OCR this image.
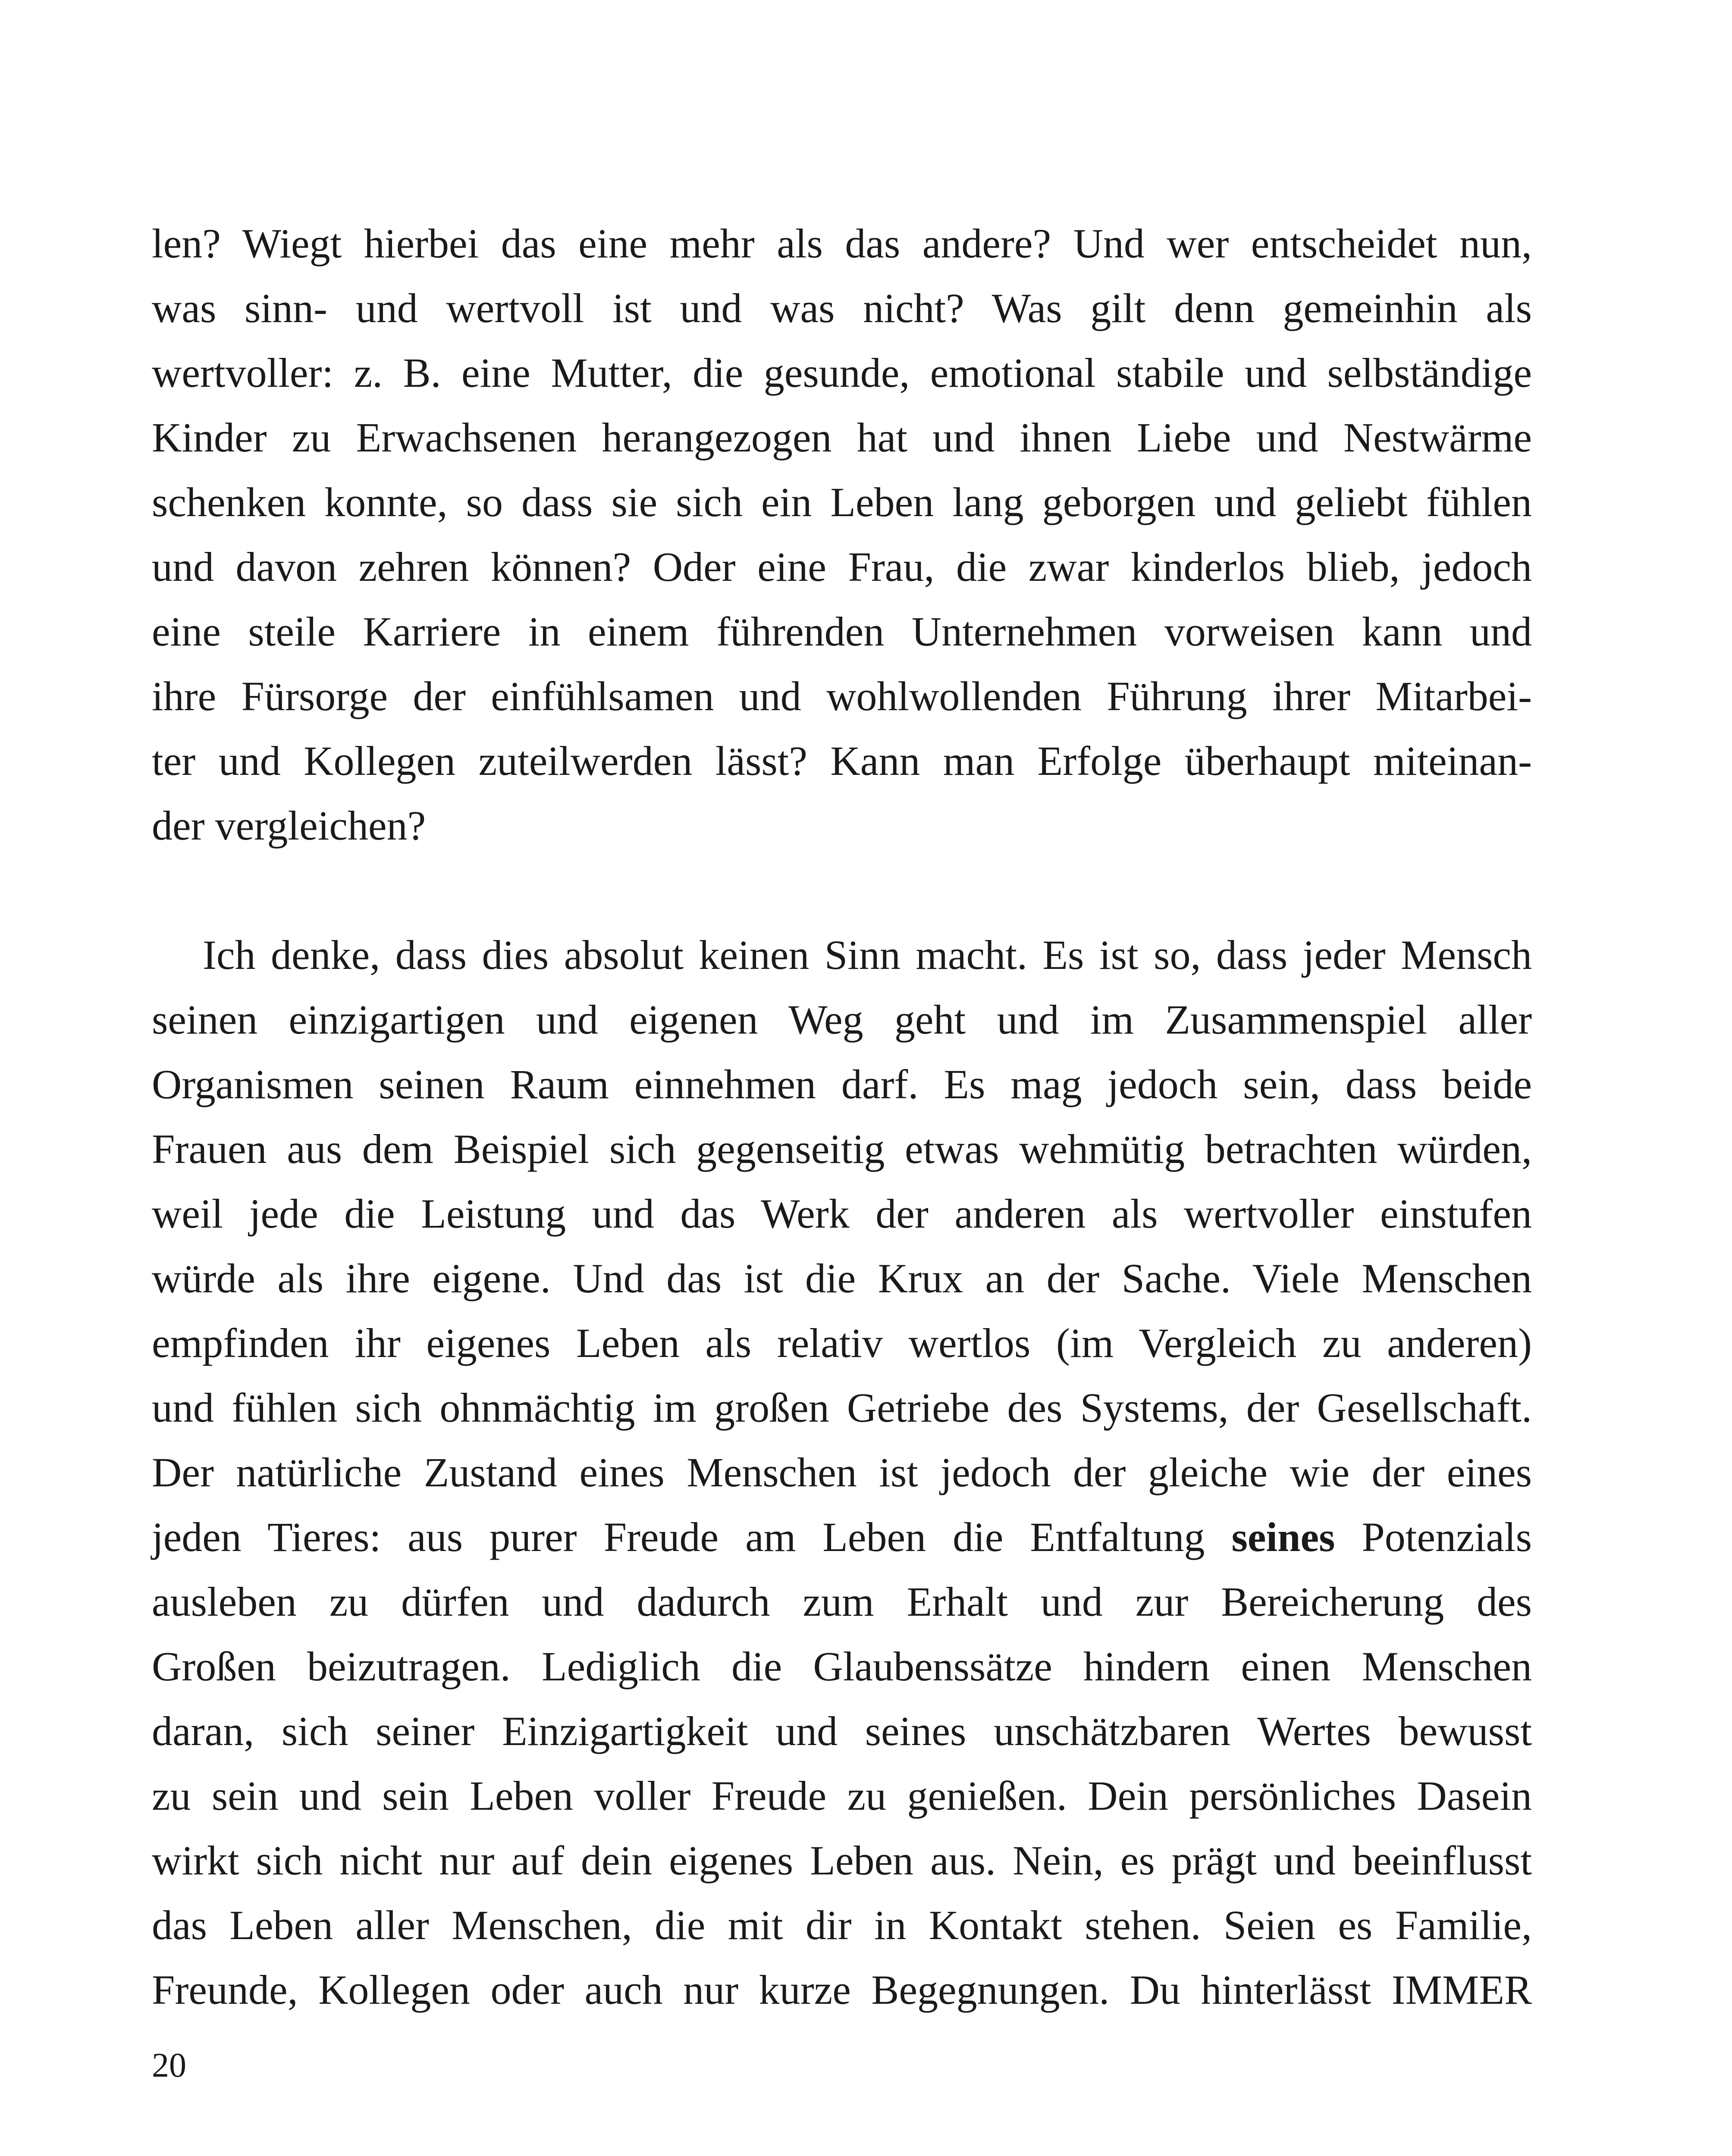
len? Wiegt hierbei das eine mehr als das andere? Und wer entscheidet nun,

was sinn- und wertvoll ist und was nicht? Was gilt denn gemeinhin als

wertvoller: z. B. eine Mutter, die gesunde, emotional stabile und selbständige

Kinder zu Erwachsenen herangezogen hat und ihnen Liebe und Nestwärme

schenken konnte, so dass sie sich ein Leben lang geborgen und geliebt fühlen

und davon zehren können? Oder eine Frau, die zwar kinderlos blieb, jedoch

eine steile Karriere in einem führenden Unternehmen vorweisen kann und

ihre Fürsorge der einfühlsamen und wohlwollenden Führung ihrer Mitarbei-

ter und Kollegen zuteilwerden lässt? Kann man Erfolge überhaupt miteinan-

der vergleichen?

Ich denke, dass dies absolut keinen Sinn macht. Es ist so, dass jeder Mensch

seinen einzigartigen und eigenen Weg geht und im Zusammenspiel aller

Organismen seinen Raum einnehmen darf. Es mag jedoch sein, dass beide

Frauen aus dem Beispiel sich gegenseitig etwas wehmütig betrachten würden,

weil jede die Leistung und das Werk der anderen als wertvoller einstufen

würde als ihre eigene. Und das ist die Krux an der Sache. Viele Menschen

empfinden ihr eigenes Leben als relativ wertlos (im Vergleich zu anderen)

und fühlen sich ohnmächtig im großen Getriebe des Systems, der Gesellschaft.

Der natürliche Zustand eines Menschen ist jedoch der gleiche wie der eines

jeden Tieres: aus purer Freude am Leben die Entfaltung seines Potenzials

ausleben zu dürfen und dadurch zum Erhalt und zur Bereicherung des

Großen beizutragen. Lediglich die Glaubenssätze hindern einen Menschen

daran, sich seiner Einzigartigkeit und seines unschätzbaren Wertes bewusst

zu sein und sein Leben voller Freude zu genießen. Dein persönliches Dasein

wirkt sich nicht nur auf dein eigenes Leben aus. Nein, es prägt und beeinflusst

das Leben aller Menschen, die mit dir in Kontakt stehen. Seien es Familie,

Freunde, Kollegen oder auch nur kurze Begegnungen. Du hinterlässt IMMER

20
